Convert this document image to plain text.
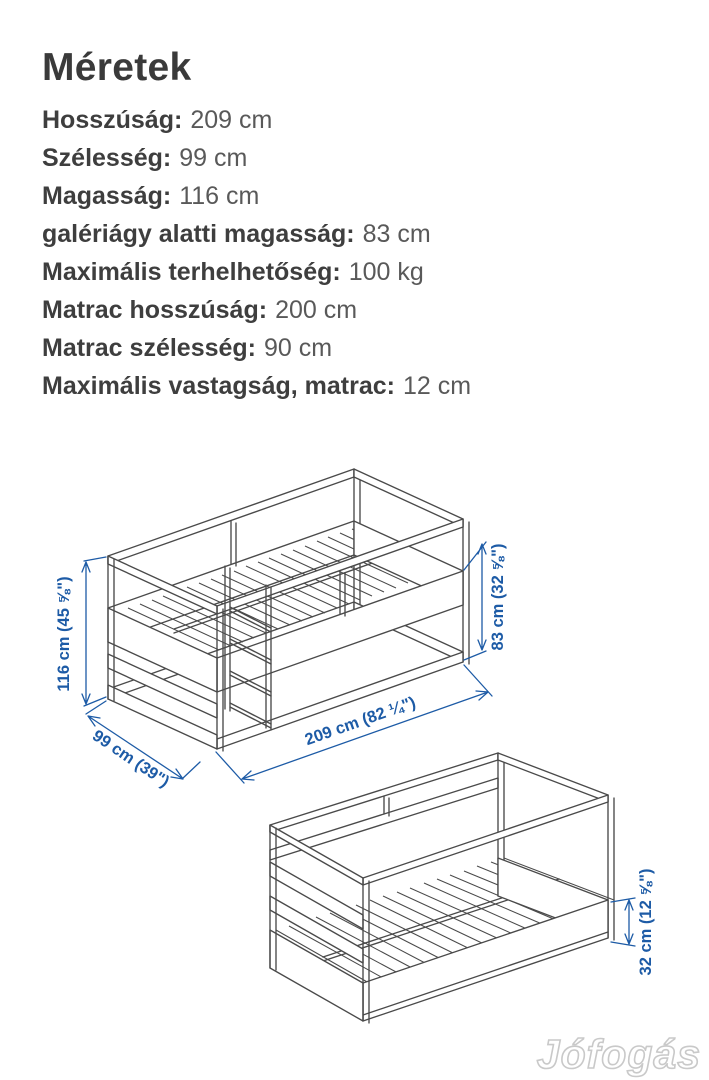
Méretek
Hosszúság: 209 cm
Szélesség: 99 cm
Magasság: 116 cm
galériágy alatti magasság: 83 cm
Maximális terhelhetőség: 100 kg
Matrac hosszúság: 200 cm
Matrac szélesség: 90 cm
Maximális vastagság, matrac: 12 cm
116 cm (45 ⅝")
99 cm (39")
209 cm (82 ¼")
83 cm (32 ⅝")
32 cm (12 ⅝")
Jófogás
